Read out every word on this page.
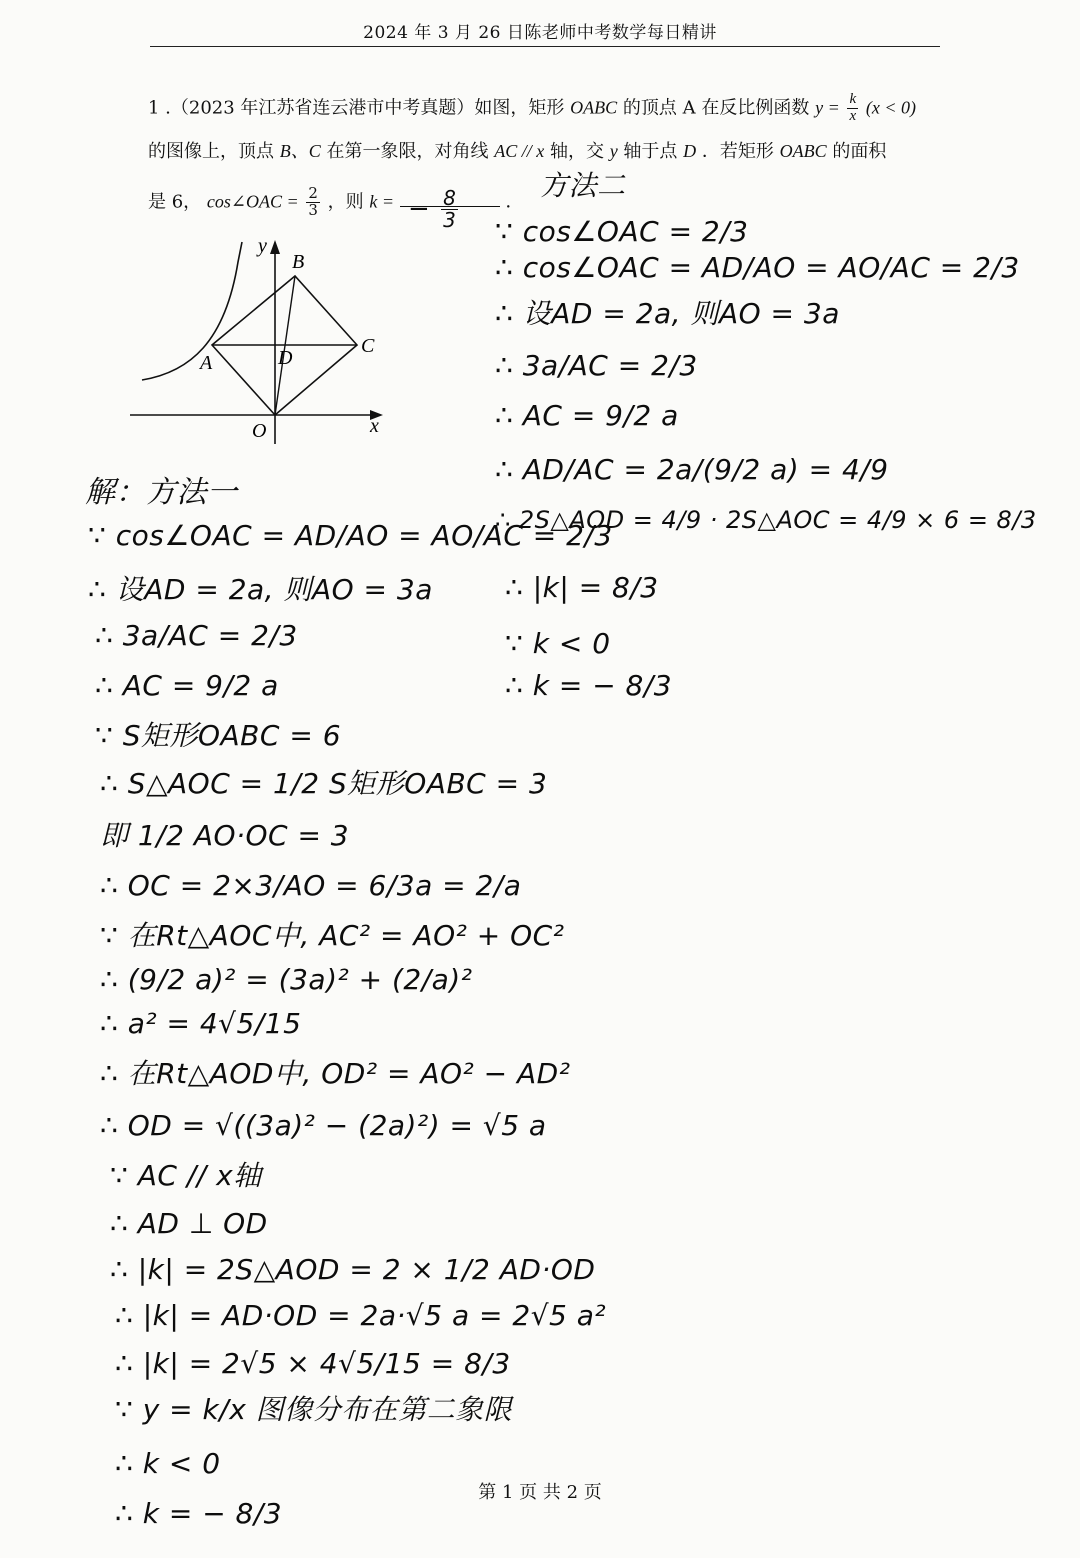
2024 年 3 月 26 日陈老师中考数学每日精讲
1 .（2023 年江苏省连云港市中考真题）如图，矩形 OABC 的顶点 A 在反比例函数 $y = \frac{k}{x} (x < 0)$
的图像上，顶点 B、C 在第一象限，对角线 AC // x 轴，交 y 轴于点 D ．若矩形 OABC 的面积
是 6， cos∠OAC = $\frac{2}{3}$ ，则 k =	．
− $\frac{8}{3}$
y
x
O
A
B
C
D
方法二
∵ cos∠OAC = 2/3
∴ cos∠OAC = AD/AO = AO/AC = 2/3
∴ 设AD = 2a, 则AO = 3a
∴ 3a/AC = 2/3
∴ AC = 9/2 a
∴ AD/AC = 2a/(9/2 a) = 4/9
∴ 2S△AOD = 4/9 · 2S△AOC = 4/9 × 6 = 8/3
∴ |k| = 8/3
∵ k < 0
∴ k = − 8/3
解：方法一
∵ cos∠OAC = AD/AO = AO/AC = 2/3
∴ 设AD = 2a, 则AO = 3a
∴ 3a/AC = 2/3
∴ AC = 9/2 a
∵ S矩形OABC = 6
∴ S△AOC = 1/2 S矩形OABC = 3
即 1/2 AO·OC = 3
∴ OC = 2×3/AO = 6/3a = 2/a
∵ 在Rt△AOC中, AC² = AO² + OC²
∴ (9/2 a)² = (3a)² + (2/a)²
∴ a² = 4√5/15
∴ 在Rt△AOD中, OD² = AO² − AD²
∴ OD = √((3a)² − (2a)²) = √5 a
∵ AC // x轴
∴ AD ⊥ OD
∴ |k| = 2S△AOD = 2 × 1/2 AD·OD
∴ |k| = AD·OD = 2a·√5 a = 2√5 a²
∴ |k| = 2√5 × 4√5/15 = 8/3
∵ y = k/x 图像分布在第二象限
∴ k < 0
∴ k = − 8/3
第 1 页 共 2 页
